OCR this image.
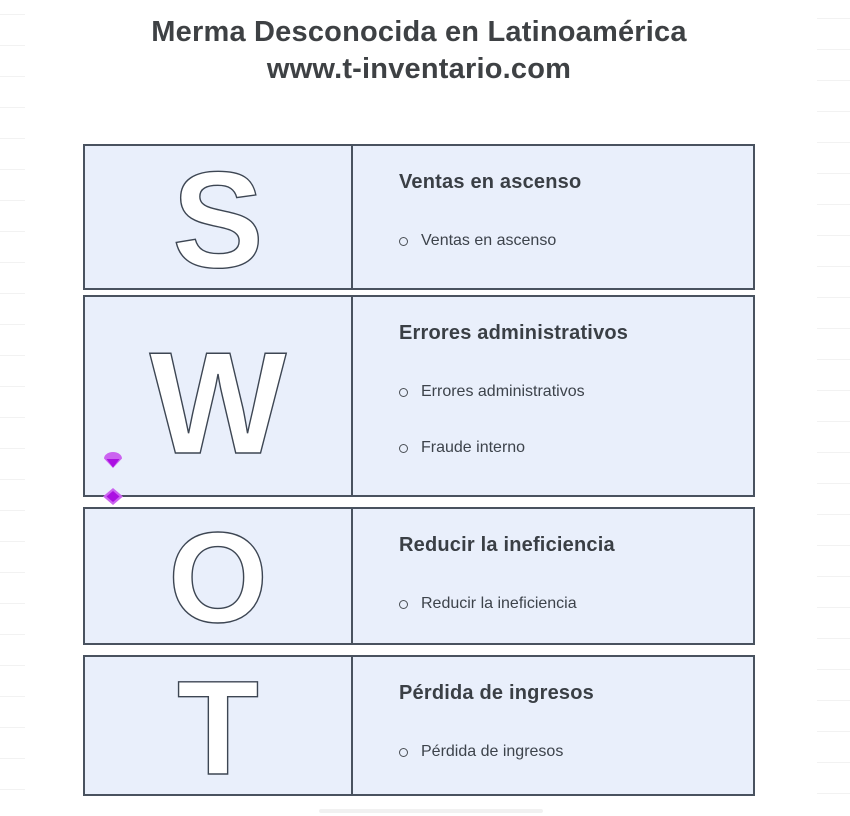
Merma Desconocida en Latinoamérica
www.t-inventario.com
S	Ventas en ascenso
Ventas en ascenso
W	Errores administrativos
Errores administrativos
Fraude interno
O	Reducir la ineficiencia
Reducir la ineficiencia
T	Pérdida de ingresos
Pérdida de ingresos
